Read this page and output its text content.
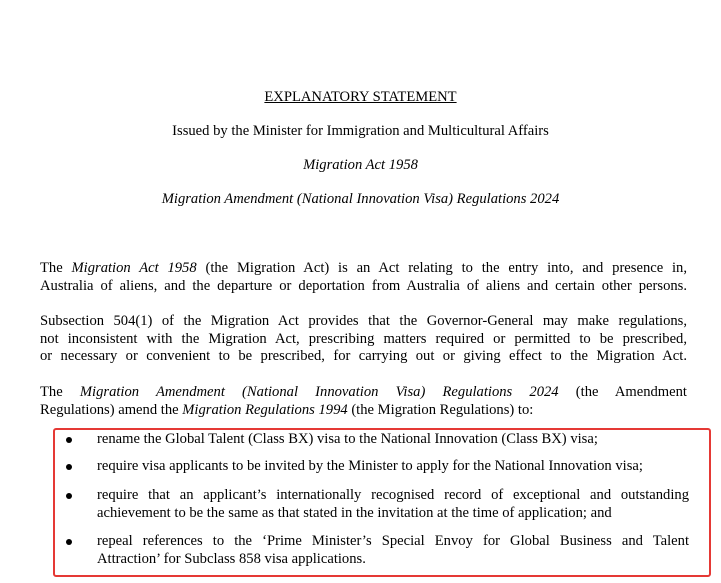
EXPLANATORY STATEMENT
Issued by the Minister for Immigration and Multicultural Affairs
Migration Act 1958
Migration Amendment (National Innovation Visa) Regulations 2024
The Migration Act 1958 (the Migration Act) is an Act relating to the entry into, and presence in,
Australia of aliens, and the departure or deportation from Australia of aliens and certain other persons.
Subsection 504(1) of the Migration Act provides that the Governor-General may make regulations,
not inconsistent with the Migration Act, prescribing matters required or permitted to be prescribed,
or necessary or convenient to be prescribed, for carrying out or giving effect to the Migration Act.
The Migration Amendment (National Innovation Visa) Regulations 2024 (the Amendment
Regulations) amend the Migration Regulations 1994 (the Migration Regulations) to:
rename the Global Talent (Class BX) visa to the National Innovation (Class BX) visa;
require visa applicants to be invited by the Minister to apply for the National Innovation visa;
require that an applicant’s internationally recognised record of exceptional and outstanding
achievement to be the same as that stated in the invitation at the time of application; and
repeal references to the ‘Prime Minister’s Special Envoy for Global Business and Talent
Attraction’ for Subclass 858 visa applications.
